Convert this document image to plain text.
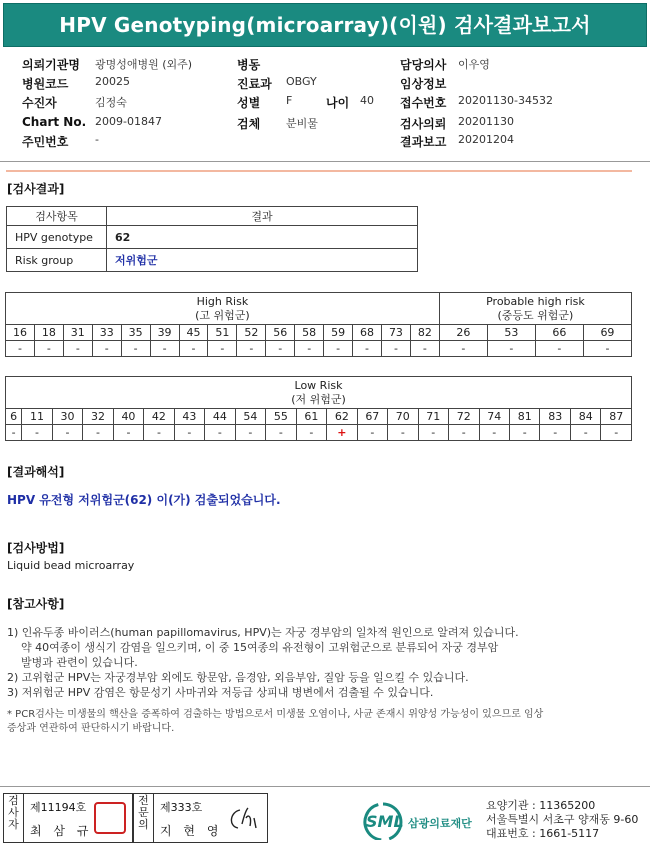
HPV Genotyping(microarray)(이원) 검사결과보고서
의뢰기관명 광명성애병원 (외주)	병동	담당의사 이우영
병원코드 20025	진료과 OBGY	임상정보
수진자	김정숙	성별 F	나이 40 접수번호 20201130-34532
Chart No. 2009-01847	검체 분비물	검사의뢰 20201130
주민번호 -	결과보고 20201204
[검사결과]
검사항목	결과
HPV genotype	62
Risk group	저위험군
High Risk
(고 위험군)															Probable high risk
(중등도 위험군)			
16	18	31	33	35	39	45	51	52	56	58	59	68	73	82	26	53	66	69
-	-	-	-	-	-	-	-	-	-	-	-	-	-	-	-	-	-	-
Low Risk
(저 위험군)																				
6	11	30	32	40	42	43	44	54	55	61	62	67	70	71	72	74	81	83	84	87
-	-	-	-	-	-	-	-	-	-	-	+	-	-	-	-	-	-	-	-	-
[결과해석]
HPV 유전형 저위험군(62) 이(가) 검출되었습니다.
[검사방법]
Liquid bead microarray
[참고사항]

1) 인유두종 바이러스(human papillomavirus, HPV)는 자궁 경부암의 일차적 원인으로 알려져 있습니다.

약 40여종이 생식기 감염을 일으키며, 이 중 15여종의 유전형이 고위험군으로 분류되어 자궁 경부암

발병과 관련이 있습니다.

2) 고위험군 HPV는 자궁경부암 외에도 항문암, 음경암, 외음부암, 질암 등을 일으킬 수 있습니다.

3) 저위험군 HPV 감염은 항문성기 사마귀와 저등급 상피내 병변에서 검출될 수 있습니다.

* PCR검사는 미생물의 핵산을 증폭하여 검출하는 방법으로서 미생물 오염이나, 사균 존재시 위양성 가능성이 있으므로 임상

증상과 연관하여 판단하시기 바랍니다.

검
사
자
제11194호
최 삼 규
전
문
의
제333호
지 현 영	SML 삼광의료재단
요양기관 : 11365200
서울특별시 서초구 양재동 9-60
대표번호 : 1661-5117
